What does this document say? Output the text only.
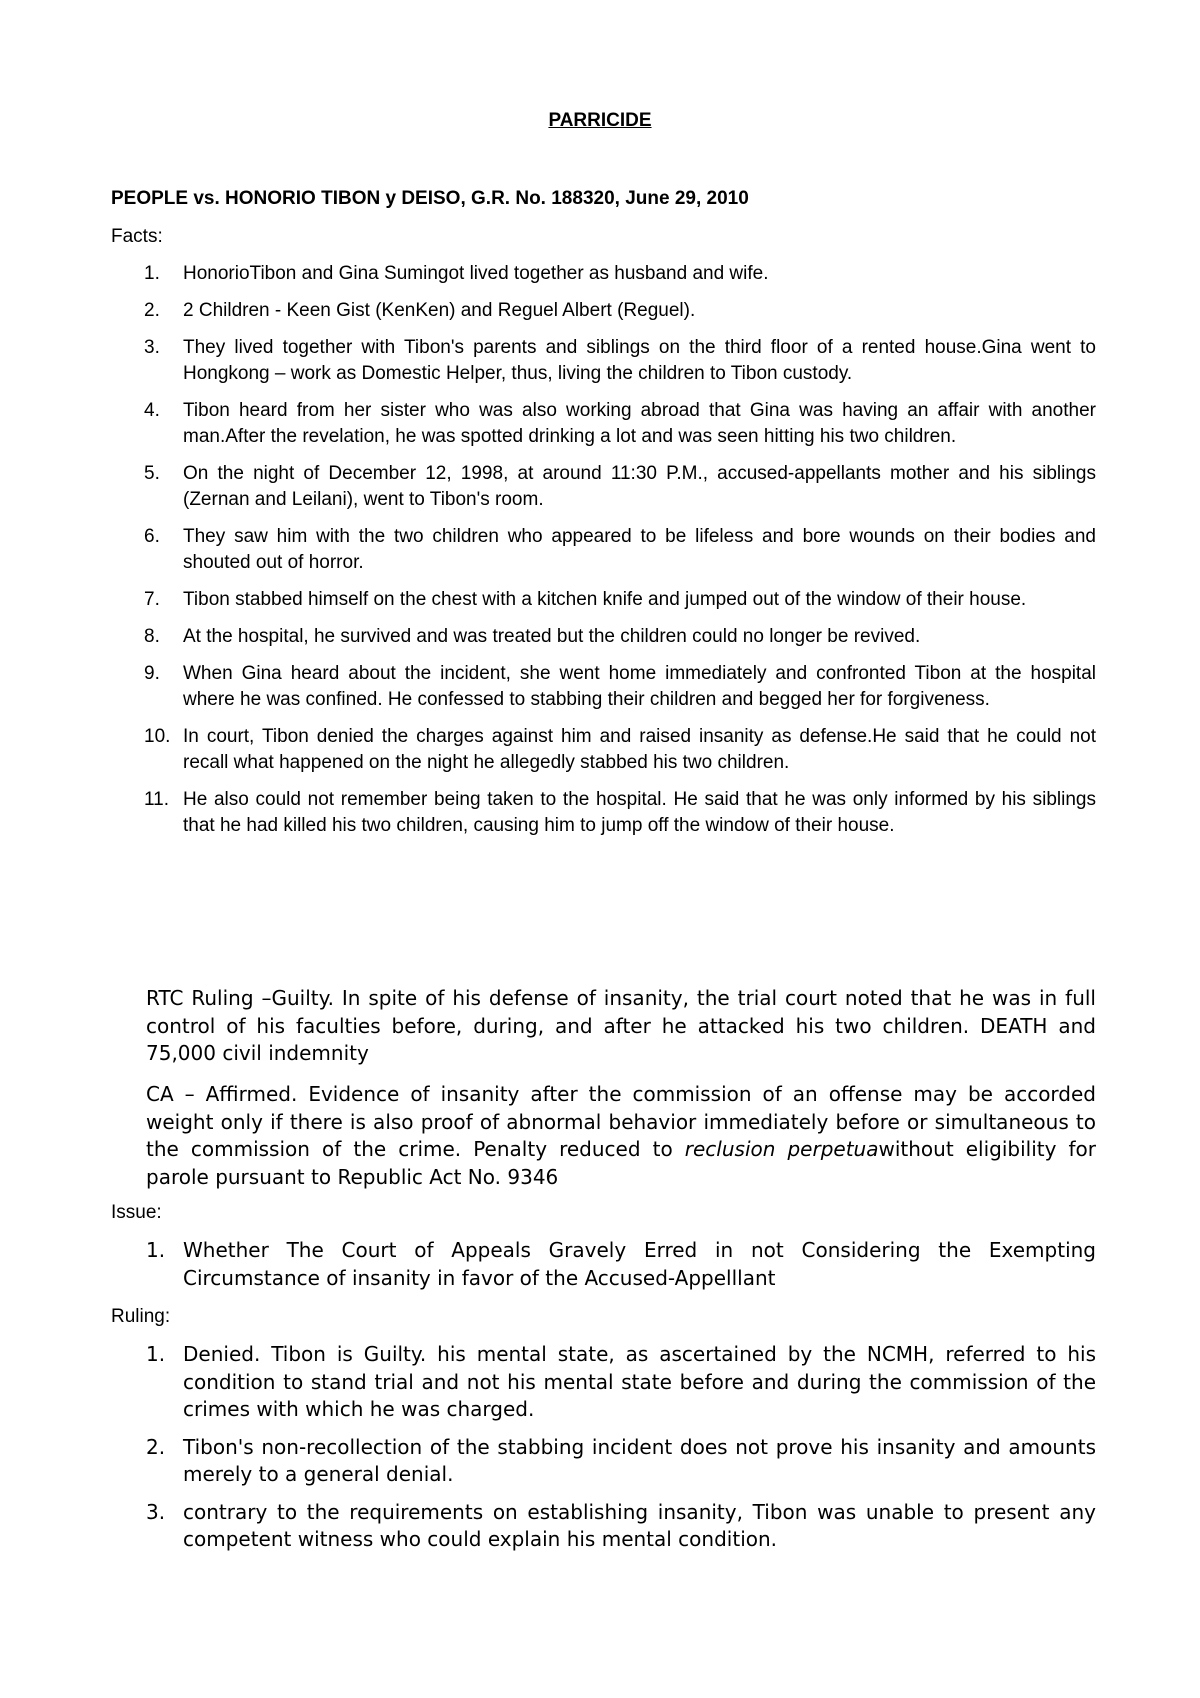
PARRICIDE
PEOPLE vs. HONORIO TIBON y DEISO, G.R. No. 188320, June 29, 2010
Facts:
1.	HonorioTibon and Gina Sumingot lived together as husband and wife.
2.	2 Children - Keen Gist (KenKen) and Reguel Albert (Reguel).
3.	They lived together with Tibon's parents and siblings on the third floor of a rented house.Gina went to Hongkong – work as Domestic Helper, thus, living the children to Tibon custody.
4.	Tibon heard from her sister who was also working abroad that Gina was having an affair with another man.After the revelation, he was spotted drinking a lot and was seen hitting his two children.
5.	On the night of December 12, 1998, at around 11:30 P.M., accused-appellants mother and his siblings (Zernan and Leilani), went to Tibon's room.
6.	They saw him with the two children who appeared to be lifeless and bore wounds on their bodies and shouted out of horror.
7.	Tibon stabbed himself on the chest with a kitchen knife and jumped out of the window of their house.
8.	At the hospital, he survived and was treated but the children could no longer be revived.
9.	When Gina heard about the incident, she went home immediately and confronted Tibon at the hospital where he was confined. He confessed to stabbing their children and begged her for forgiveness.
10. In court, Tibon denied the charges against him and raised insanity as defense.He said that he could not recall what happened on the night he allegedly stabbed his two children.
11. He also could not remember being taken to the hospital. He said that he was only informed by his siblings that he had killed his two children, causing him to jump off the window of their house.
RTC Ruling –Guilty. In spite of his defense of insanity, the trial court noted that he was in full control of his faculties before, during, and after he attacked his two children. DEATH and 75,000 civil indemnity
CA – Affirmed. Evidence of insanity after the commission of an offense may be accorded weight only if there is also proof of abnormal behavior immediately before or simultaneous to the commission of the crime. Penalty reduced to reclusion perpetuawithout eligibility for parole pursuant to Republic Act No. 9346
Issue:
1. Whether The Court of Appeals Gravely Erred in not Considering the Exempting Circumstance of insanity in favor of the Accused-Appelllant
Ruling:
1. Denied. Tibon is Guilty. his mental state, as ascertained by the NCMH, referred to his condition to stand trial and not his mental state before and during the commission of the crimes with which he was charged.
2. Tibon's non-recollection of the stabbing incident does not prove his insanity and amounts merely to a general denial.
3. contrary to the requirements on establishing insanity, Tibon was unable to present any competent witness who could explain his mental condition.
